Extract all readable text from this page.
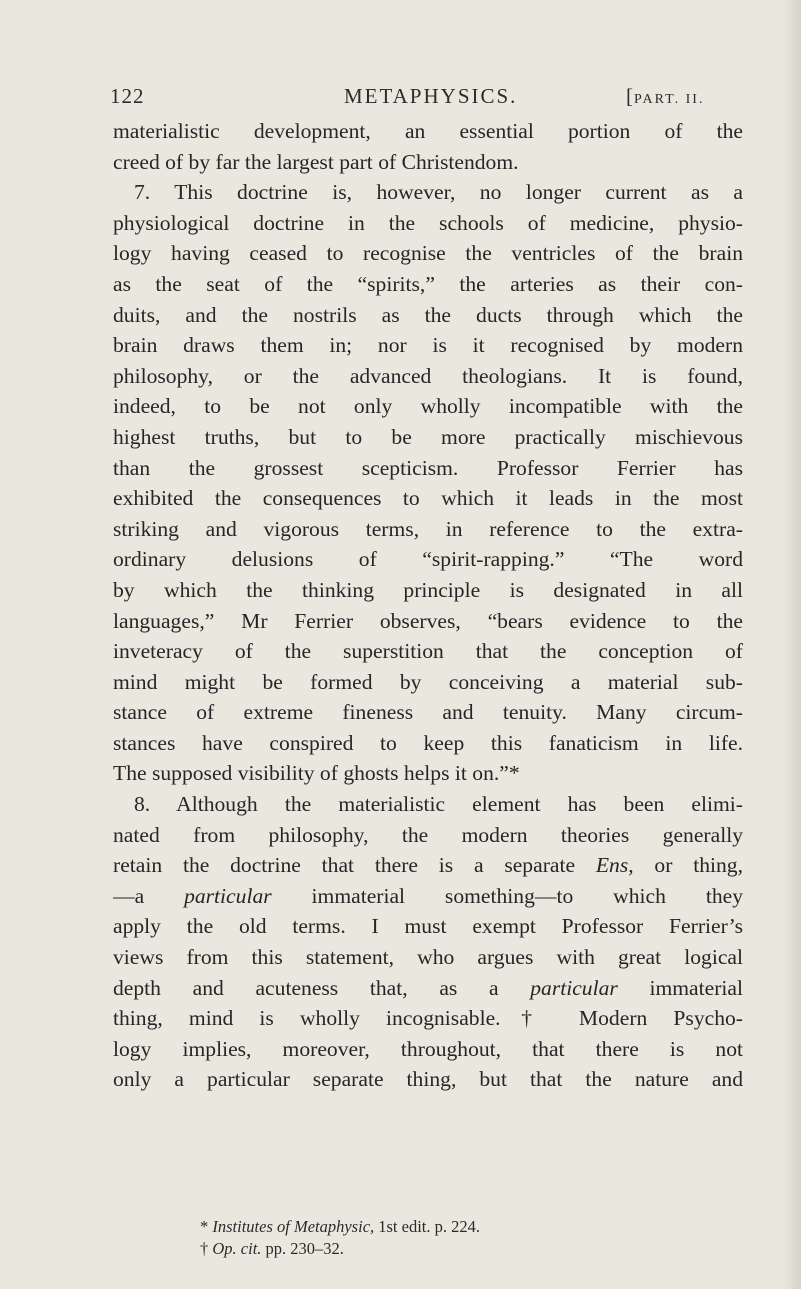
122	METAPHYSICS.	[PART. II.
materialistic development, an essential portion of the
creed of by far the largest part of Christendom.
7. This doctrine is, however, no longer current as a
physiological doctrine in the schools of medicine, physio-
logy having ceased to recognise the ventricles of the brain
as the seat of the “spirits,” the arteries as their con-
duits, and the nostrils as the ducts through which the
brain draws them in; nor is it recognised by modern
philosophy, or the advanced theologians. It is found,
indeed, to be not only wholly incompatible with the
highest truths, but to be more practically mischievous
than the grossest scepticism. Professor Ferrier has
exhibited the consequences to which it leads in the most
striking and vigorous terms, in reference to the extra-
ordinary delusions of “spirit-rapping.” “The word
by which the thinking principle is designated in all
languages,” Mr Ferrier observes, “bears evidence to the
inveteracy of the superstition that the conception of
mind might be formed by conceiving a material sub-
stance of extreme fineness and tenuity. Many circum-
stances have conspired to keep this fanaticism in life.
The supposed visibility of ghosts helps it on.”*
8. Although the materialistic element has been elimi-
nated from philosophy, the modern theories generally
retain the doctrine that there is a separate Ens, or thing,
—a particular immaterial something—to which they
apply the old terms. I must exempt Professor Ferrier’s
views from this statement, who argues with great logical
depth and acuteness that, as a particular immaterial
thing, mind is wholly incognisable.† Modern Psycho-
logy implies, moreover, throughout, that there is not
only a particular separate thing, but that the nature and
* Institutes of Metaphysic, 1st edit. p. 224.
† Op. cit. pp. 230–32.
